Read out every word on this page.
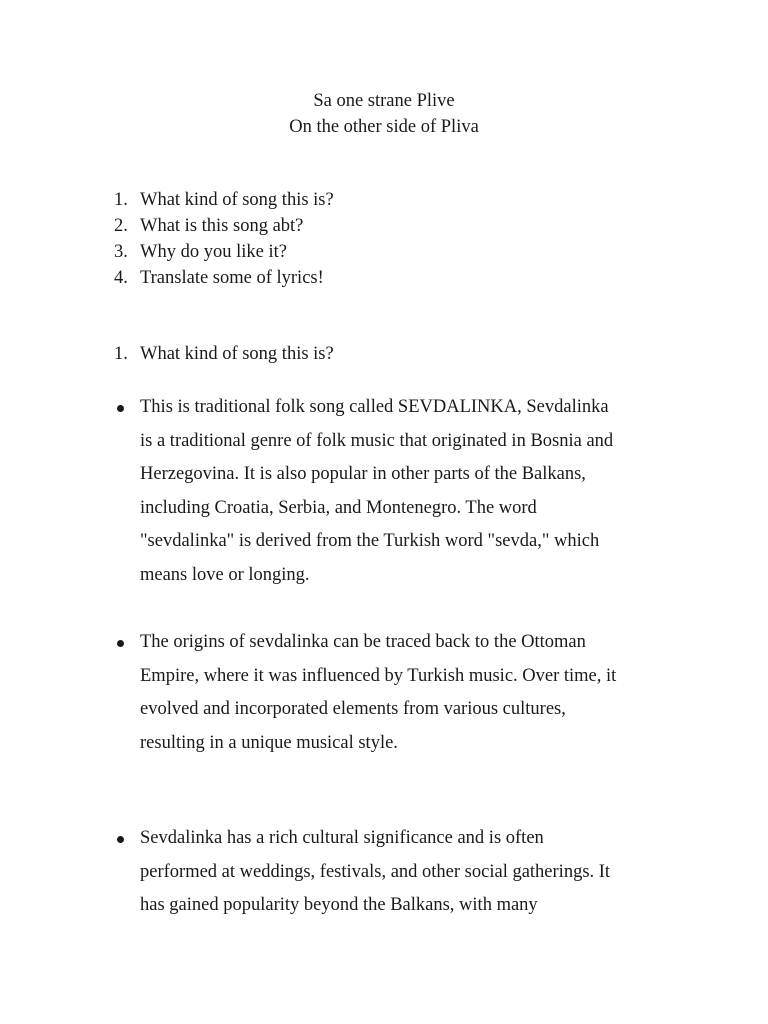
Sa one strane Plive
On the other side of Pliva
1. What kind of song this is?
2. What is this song abt?
3. Why do you like it?
4. Translate some of lyrics!
1. What kind of song this is?
This is traditional folk song called SEVDALINKA, Sevdalinka
is a traditional genre of folk music that originated in Bosnia and
Herzegovina. It is also popular in other parts of the Balkans,
including Croatia, Serbia, and Montenegro. The word
"sevdalinka" is derived from the Turkish word "sevda," which
means love or longing.
The origins of sevdalinka can be traced back to the Ottoman
Empire, where it was influenced by Turkish music. Over time, it
evolved and incorporated elements from various cultures,
resulting in a unique musical style.
Sevdalinka has a rich cultural significance and is often
performed at weddings, festivals, and other social gatherings. It
has gained popularity beyond the Balkans, with many
